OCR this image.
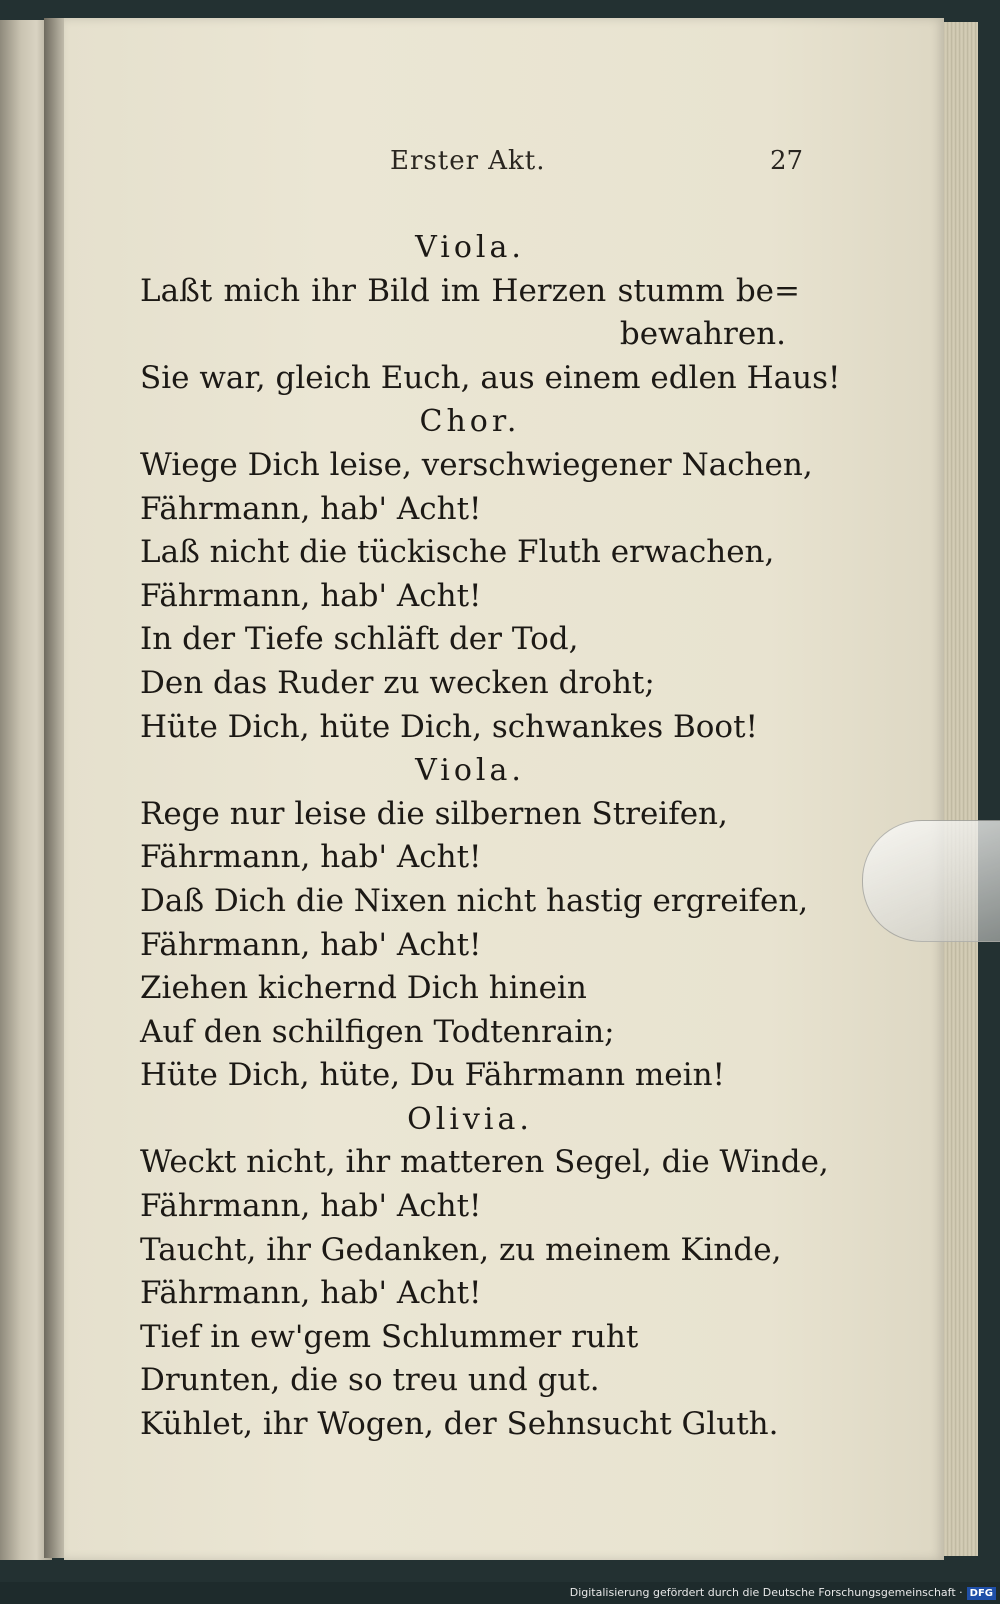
Erster Akt.	27
Viola.
Laßt mich ihr Bild im Herzen stumm be=
bewahren.
Sie war, gleich Euch, aus einem edlen Haus!
Chor.
Wiege Dich leise, verschwiegener Nachen,
Fährmann, hab' Acht!
Laß nicht die tückische Fluth erwachen,
Fährmann, hab' Acht!
In der Tiefe schläft der Tod,
Den das Ruder zu wecken droht;
Hüte Dich, hüte Dich, schwankes Boot!
Viola.
Rege nur leise die silbernen Streifen,
Fährmann, hab' Acht!
Daß Dich die Nixen nicht hastig ergreifen,
Fährmann, hab' Acht!
Ziehen kichernd Dich hinein
Auf den schilfigen Todtenrain;
Hüte Dich, hüte, Du Fährmann mein!
Olivia.
Weckt nicht, ihr matteren Segel, die Winde,
Fährmann, hab' Acht!
Taucht, ihr Gedanken, zu meinem Kinde,
Fährmann, hab' Acht!
Tief in ew'gem Schlummer ruht
Drunten, die so treu und gut.
Kühlet, ihr Wogen, der Sehnsucht Gluth.
Digitalisierung gefördert durch die Deutsche Forschungsgemeinschaft · DFG
